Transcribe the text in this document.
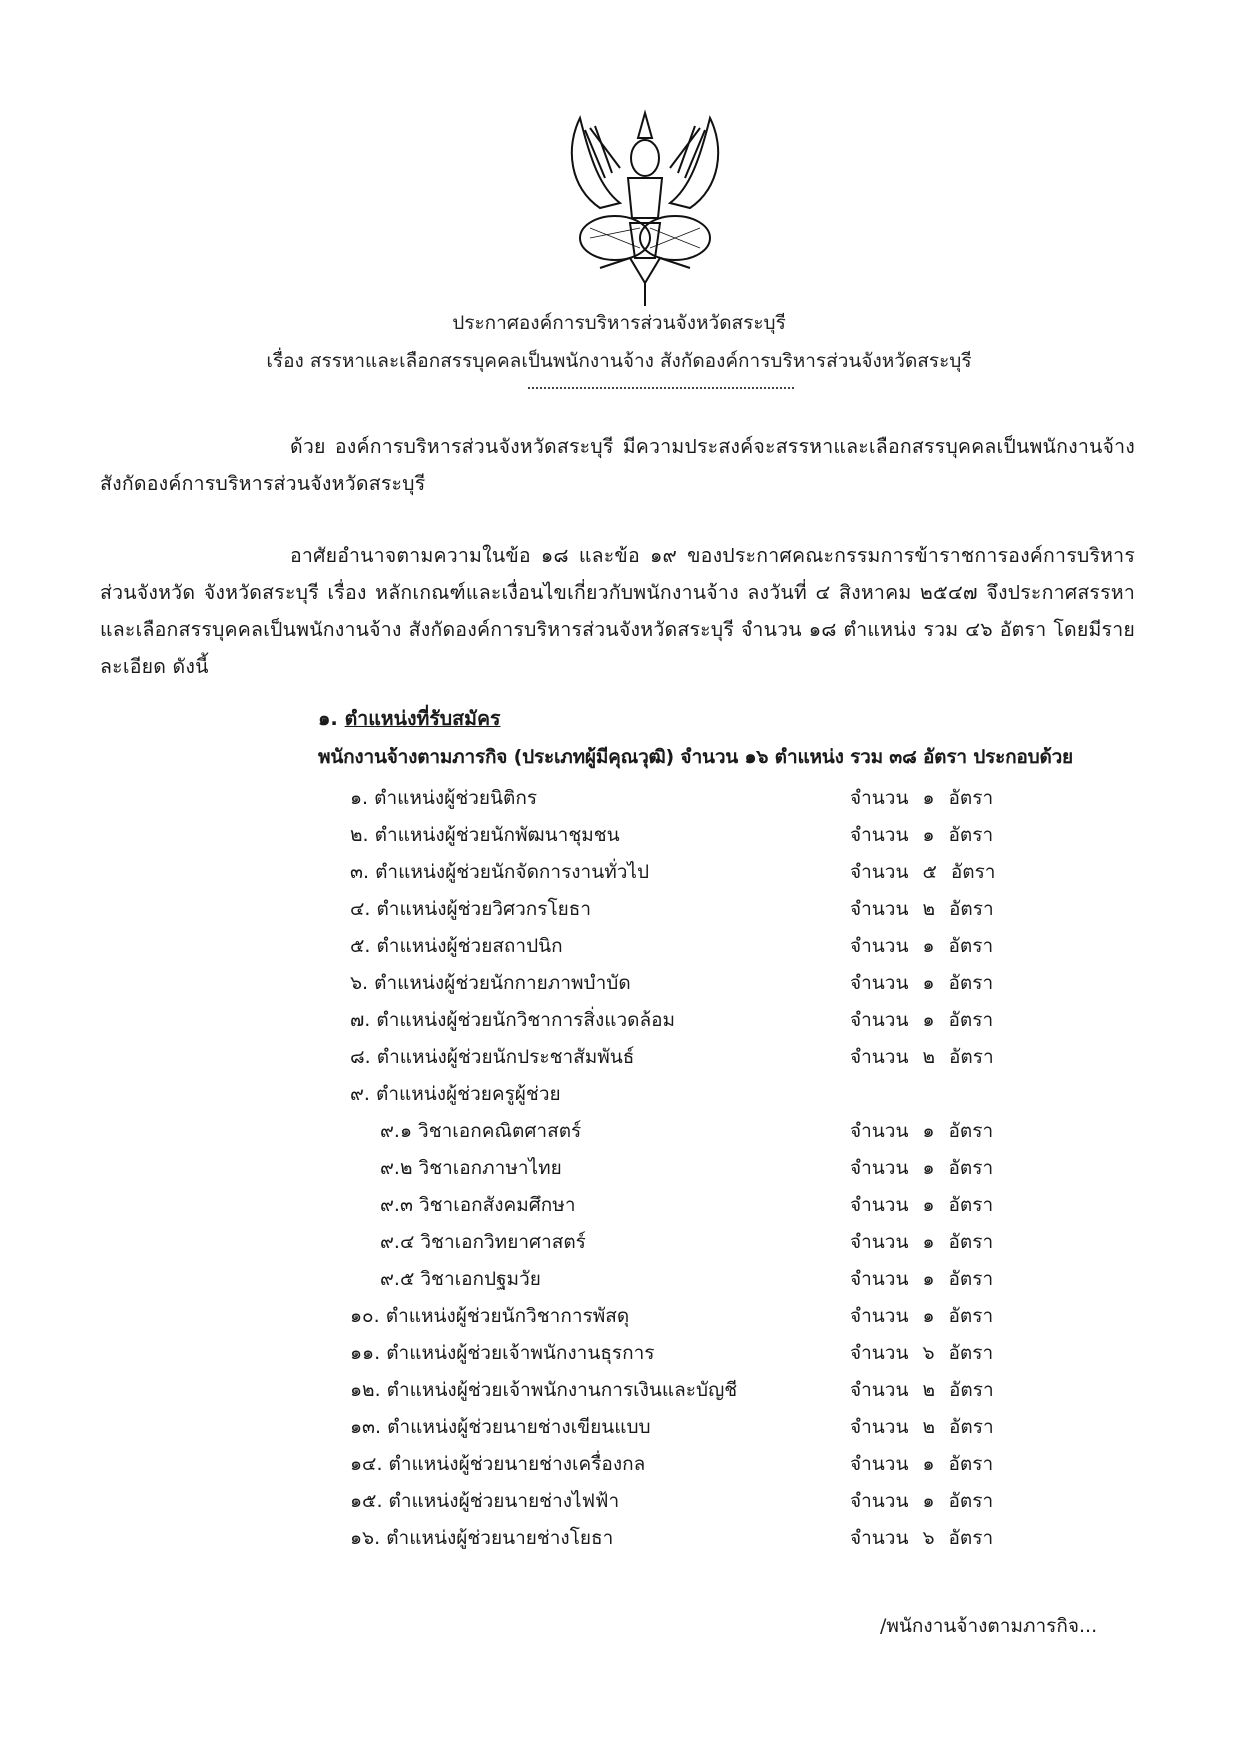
ประกาศองค์การบริหารส่วนจังหวัดสระบุรี
เรื่อง สรรหาและเลือกสรรบุคคลเป็นพนักงานจ้าง สังกัดองค์การบริหารส่วนจังหวัดสระบุรี
ด้วย องค์การบริหารส่วนจังหวัดสระบุรี มีความประสงค์จะสรรหาและเลือกสรรบุคคลเป็นพนักงานจ้าง สังกัดองค์การบริหารส่วนจังหวัดสระบุรี
อาศัยอำนาจตามความในข้อ ๑๘ และข้อ ๑๙ ของประกาศคณะกรรมการข้าราชการองค์การบริหารส่วนจังหวัด จังหวัดสระบุรี เรื่อง หลักเกณฑ์และเงื่อนไขเกี่ยวกับพนักงานจ้าง ลงวันที่ ๔ สิงหาคม ๒๕๔๗ จึงประกาศสรรหาและเลือกสรรบุคคลเป็นพนักงานจ้าง สังกัดองค์การบริหารส่วนจังหวัดสระบุรี จำนวน ๑๘ ตำแหน่ง รวม ๔๖ อัตรา โดยมีรายละเอียด ดังนี้
๑. ตำแหน่งที่รับสมัคร
พนักงานจ้างตามภารกิจ (ประเภทผู้มีคุณวุฒิ) จำนวน ๑๖ ตำแหน่ง รวม ๓๘ อัตรา ประกอบด้วย
๑. ตำแหน่งผู้ช่วยนิติกร	จำนวน ๑ อัตรา
๒. ตำแหน่งผู้ช่วยนักพัฒนาชุมชน	จำนวน ๑ อัตรา
๓. ตำแหน่งผู้ช่วยนักจัดการงานทั่วไป	จำนวน ๕ อัตรา
๔. ตำแหน่งผู้ช่วยวิศวกรโยธา	จำนวน ๒ อัตรา
๕. ตำแหน่งผู้ช่วยสถาปนิก	จำนวน ๑ อัตรา
๖. ตำแหน่งผู้ช่วยนักกายภาพบำบัด	จำนวน ๑ อัตรา
๗. ตำแหน่งผู้ช่วยนักวิชาการสิ่งแวดล้อม	จำนวน ๑ อัตรา
๘. ตำแหน่งผู้ช่วยนักประชาสัมพันธ์	จำนวน ๒ อัตรา
๙. ตำแหน่งผู้ช่วยครูผู้ช่วย
๙.๑ วิชาเอกคณิตศาสตร์	จำนวน ๑ อัตรา
๙.๒ วิชาเอกภาษาไทย	จำนวน ๑ อัตรา
๙.๓ วิชาเอกสังคมศึกษา	จำนวน ๑ อัตรา
๙.๔ วิชาเอกวิทยาศาสตร์	จำนวน ๑ อัตรา
๙.๕ วิชาเอกปฐมวัย	จำนวน ๑ อัตรา
๑๐. ตำแหน่งผู้ช่วยนักวิชาการพัสดุ	จำนวน ๑ อัตรา
๑๑. ตำแหน่งผู้ช่วยเจ้าพนักงานธุรการ	จำนวน ๖ อัตรา
๑๒. ตำแหน่งผู้ช่วยเจ้าพนักงานการเงินและบัญชี	จำนวน ๒ อัตรา
๑๓. ตำแหน่งผู้ช่วยนายช่างเขียนแบบ	จำนวน ๒ อัตรา
๑๔. ตำแหน่งผู้ช่วยนายช่างเครื่องกล	จำนวน ๑ อัตรา
๑๕. ตำแหน่งผู้ช่วยนายช่างไฟฟ้า	จำนวน ๑ อัตรา
๑๖. ตำแหน่งผู้ช่วยนายช่างโยธา	จำนวน ๖ อัตรา
/พนักงานจ้างตามภารกิจ...
